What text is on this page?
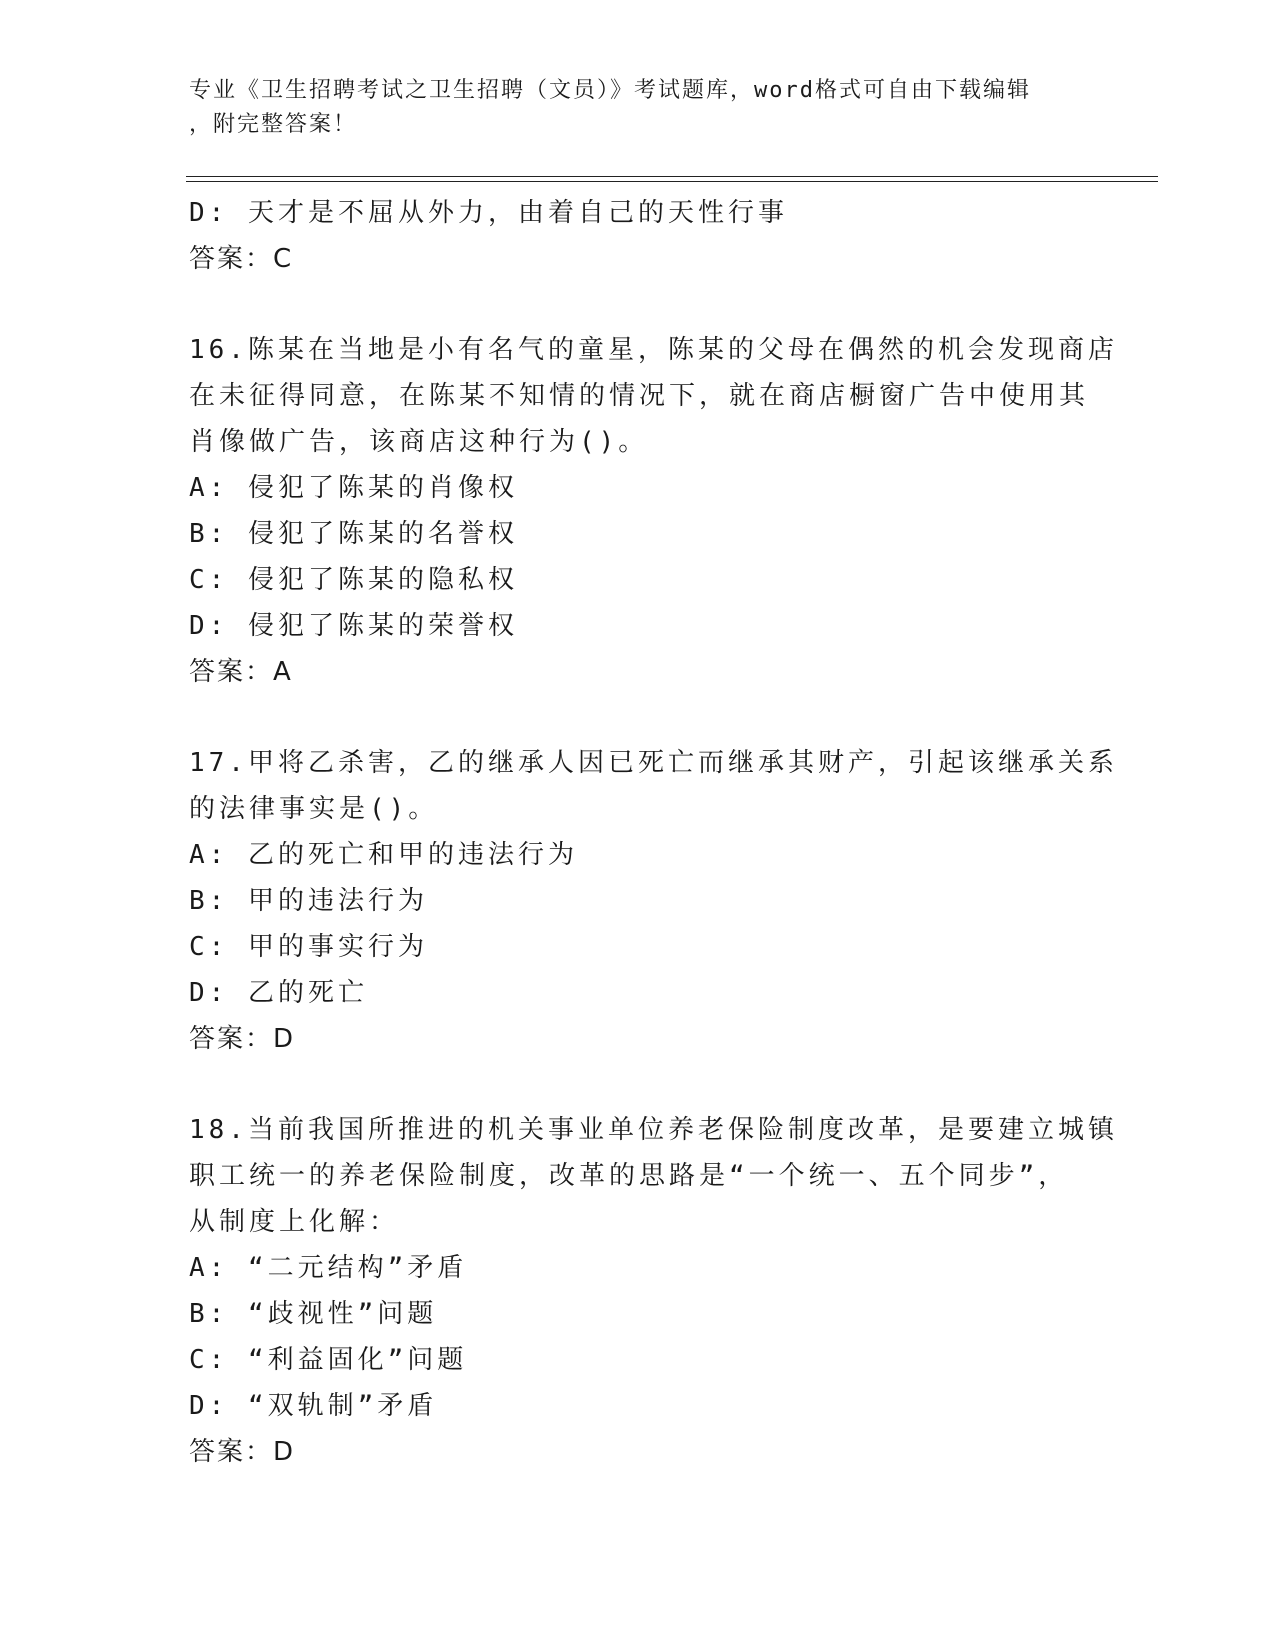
专业《卫生招聘考试之卫生招聘（文员）》考试题库，word格式可自由下载编辑
，附完整答案！
D: 天才是不屈从外力，由着自己的天性行事
答案：C
16.陈某在当地是小有名气的童星，陈某的父母在偶然的机会发现商店
在未征得同意，在陈某不知情的情况下，就在商店橱窗广告中使用其
肖像做广告，该商店这种行为()。
A: 侵犯了陈某的肖像权
B: 侵犯了陈某的名誉权
C: 侵犯了陈某的隐私权
D: 侵犯了陈某的荣誉权
答案：A
17.甲将乙杀害，乙的继承人因已死亡而继承其财产，引起该继承关系
的法律事实是()。
A: 乙的死亡和甲的违法行为
B: 甲的违法行为
C: 甲的事实行为
D: 乙的死亡
答案：D
18.当前我国所推进的机关事业单位养老保险制度改革，是要建立城镇
职工统一的养老保险制度，改革的思路是“一个统一、五个同步”，
从制度上化解：
A: “二元结构”矛盾
B: “歧视性”问题
C: “利益固化”问题
D: “双轨制”矛盾
答案：D
